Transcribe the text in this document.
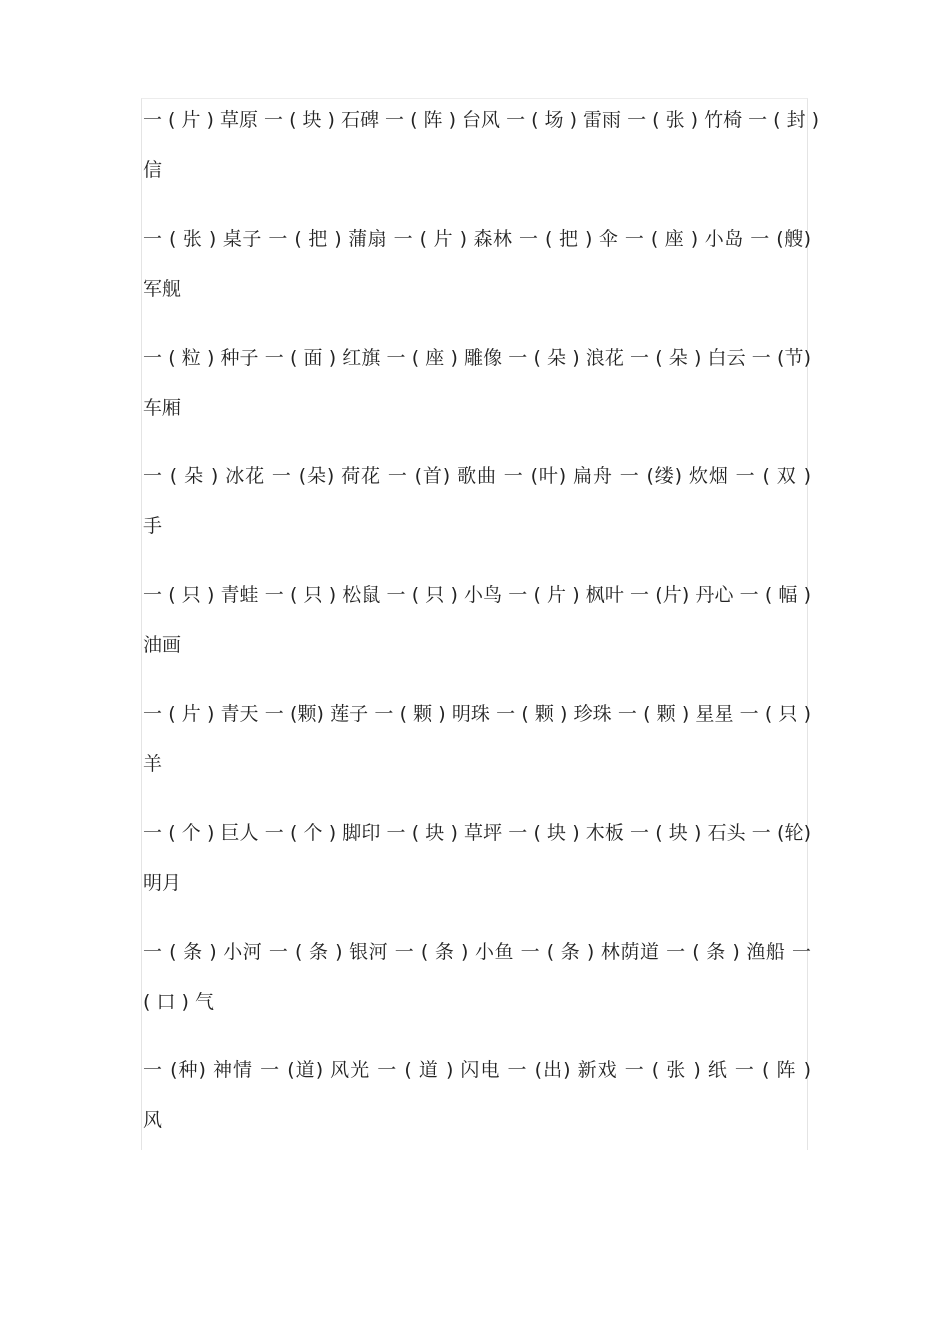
一 ( 片 ) 草原 一 ( 块 ) 石碑 一 ( 阵 ) 台风 一 ( 场 ) 雷雨 一 ( 张 ) 竹椅 一 ( 封 )
信
一 ( 张 ) 桌子 一 ( 把 ) 蒲扇 一 ( 片 ) 森林 一 ( 把 ) 伞 一 ( 座 ) 小岛 一 (艘)
军舰
一 ( 粒 ) 种子 一 ( 面 ) 红旗 一 ( 座 ) 雕像 一 ( 朵 ) 浪花 一 ( 朵 ) 白云 一 (节)
车厢
一 ( 朵 ) 冰花 一 (朵) 荷花 一 (首) 歌曲 一 (叶) 扁舟 一 (缕) 炊烟 一 ( 双 )
手
一 ( 只 ) 青蛙 一 ( 只 ) 松鼠 一 ( 只 ) 小鸟 一 ( 片 ) 枫叶 一 (片) 丹心 一 ( 幅 )
油画
一 ( 片 ) 青天 一 (颗) 莲子 一 ( 颗 ) 明珠 一 ( 颗 ) 珍珠 一 ( 颗 ) 星星 一 ( 只 )
羊
一 ( 个 ) 巨人 一 ( 个 ) 脚印 一 ( 块 ) 草坪 一 ( 块 ) 木板 一 ( 块 ) 石头 一 (轮)
明月
一 ( 条 ) 小河 一 ( 条 ) 银河 一 ( 条 ) 小鱼 一 ( 条 ) 林荫道 一 ( 条 ) 渔船 一
( 口 ) 气
一 (种) 神情 一 (道) 风光 一 ( 道 ) 闪电 一 (出) 新戏 一 ( 张 ) 纸 一 ( 阵 )
风
